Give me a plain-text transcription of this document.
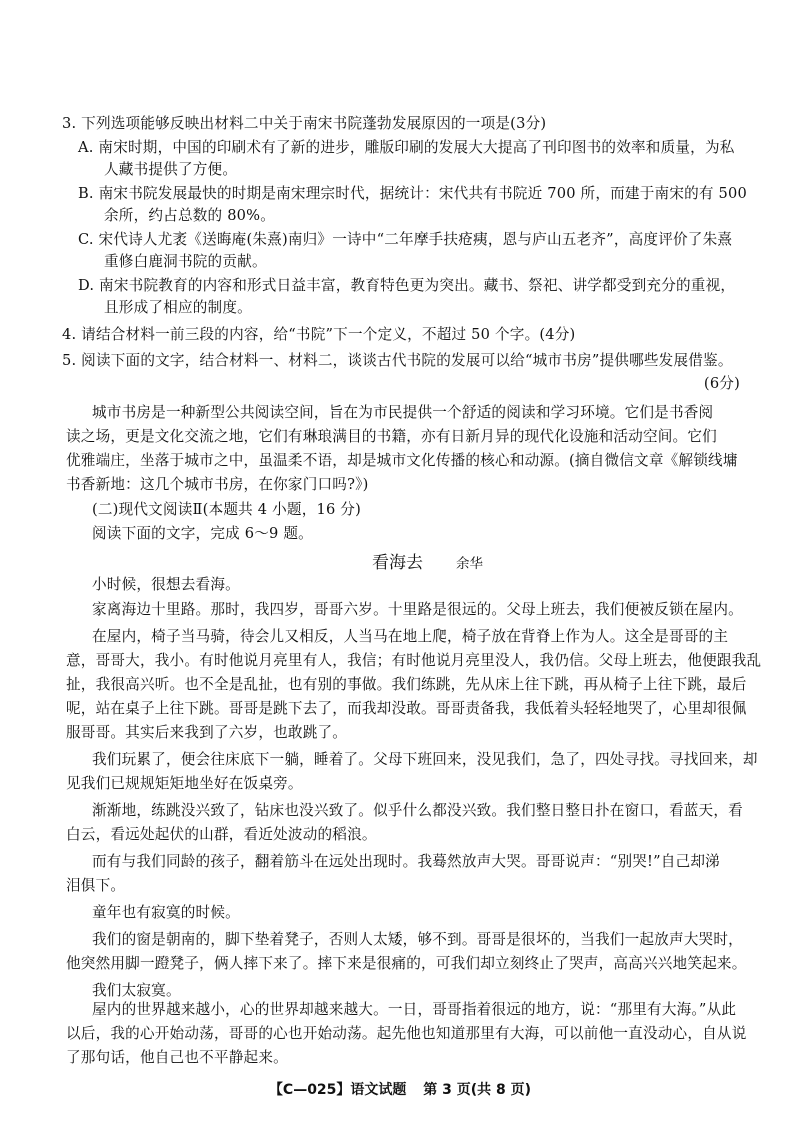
3. 下列选项能够反映出材料二中关于南宋书院蓬勃发展原因的一项是(3分)
A. 南宋时期，中国的印刷术有了新的进步，雕版印刷的发展大大提高了刊印图书的效率和质量，为私
人藏书提供了方便。
B. 南宋书院发展最快的时期是南宋理宗时代，据统计：宋代共有书院近 700 所，而建于南宋的有 500
余所，约占总数的 80%。
C. 宋代诗人尤袤《送晦庵(朱熹)南归》一诗中“二年摩手扶疮痍，恩与庐山五老齐”，高度评价了朱熹
重修白鹿洞书院的贡献。
D. 南宋书院教育的内容和形式日益丰富，教育特色更为突出。藏书、祭祀、讲学都受到充分的重视，
且形成了相应的制度。
4. 请结合材料一前三段的内容，给“书院”下一个定义，不超过 50 个字。(4分)
5. 阅读下面的文字，结合材料一、材料二，谈谈古代书院的发展可以给“城市书房”提供哪些发展借鉴。
(6分)
城市书房是一种新型公共阅读空间，旨在为市民提供一个舒适的阅读和学习环境。它们是书香阅
读之场，更是文化交流之地，它们有琳琅满目的书籍，亦有日新月异的现代化设施和活动空间。它们
优雅端庄，坐落于城市之中，虽温柔不语，却是城市文化传播的核心和动源。(摘自微信文章《解锁线墉
书香新地：这几个城市书房，在你家门口吗?》)
(二)现代文阅读Ⅱ(本题共 4 小题，16 分)
阅读下面的文字，完成 6～9 题。
看海去 余华
小时候，很想去看海。
家离海边十里路。那时，我四岁，哥哥六岁。十里路是很远的。父母上班去，我们便被反锁在屋内。
在屋内，椅子当马骑，待会儿又相反，人当马在地上爬，椅子放在背脊上作为人。这全是哥哥的主
意，哥哥大，我小。有时他说月亮里有人，我信；有时他说月亮里没人，我仍信。父母上班去，他便跟我乱
扯，我很高兴听。也不全是乱扯，也有别的事做。我们练跳，先从床上往下跳，再从椅子上往下跳，最后
呢，站在桌子上往下跳。哥哥是跳下去了，而我却没敢。哥哥责备我，我低着头轻轻地哭了，心里却很佩
服哥哥。其实后来我到了六岁，也敢跳了。
我们玩累了，便会往床底下一躺，睡着了。父母下班回来，没见我们，急了，四处寻找。寻找回来，却
见我们已规规矩矩地坐好在饭桌旁。
渐渐地，练跳没兴致了，钻床也没兴致了。似乎什么都没兴致。我们整日整日扑在窗口，看蓝天，看
白云，看远处起伏的山群，看近处波动的稻浪。
而有与我们同龄的孩子，翻着筋斗在远处出现时。我蓦然放声大哭。哥哥说声：“别哭!”自己却涕
泪俱下。
童年也有寂寞的时候。
我们的窗是朝南的，脚下垫着凳子，否则人太矮，够不到。哥哥是很坏的，当我们一起放声大哭时，
他突然用脚一蹬凳子，俩人摔下来了。摔下来是很痛的，可我们却立刻终止了哭声，高高兴兴地笑起来。
我们太寂寞。
屋内的世界越来越小，心的世界却越来越大。一日，哥哥指着很远的地方，说：“那里有大海。”从此
以后，我的心开始动荡，哥哥的心也开始动荡。起先他也知道那里有大海，可以前他一直没动心，自从说
【C—025】语文试题 第 3 页(共 8 页)
了那句话，他自己也不平静起来。
